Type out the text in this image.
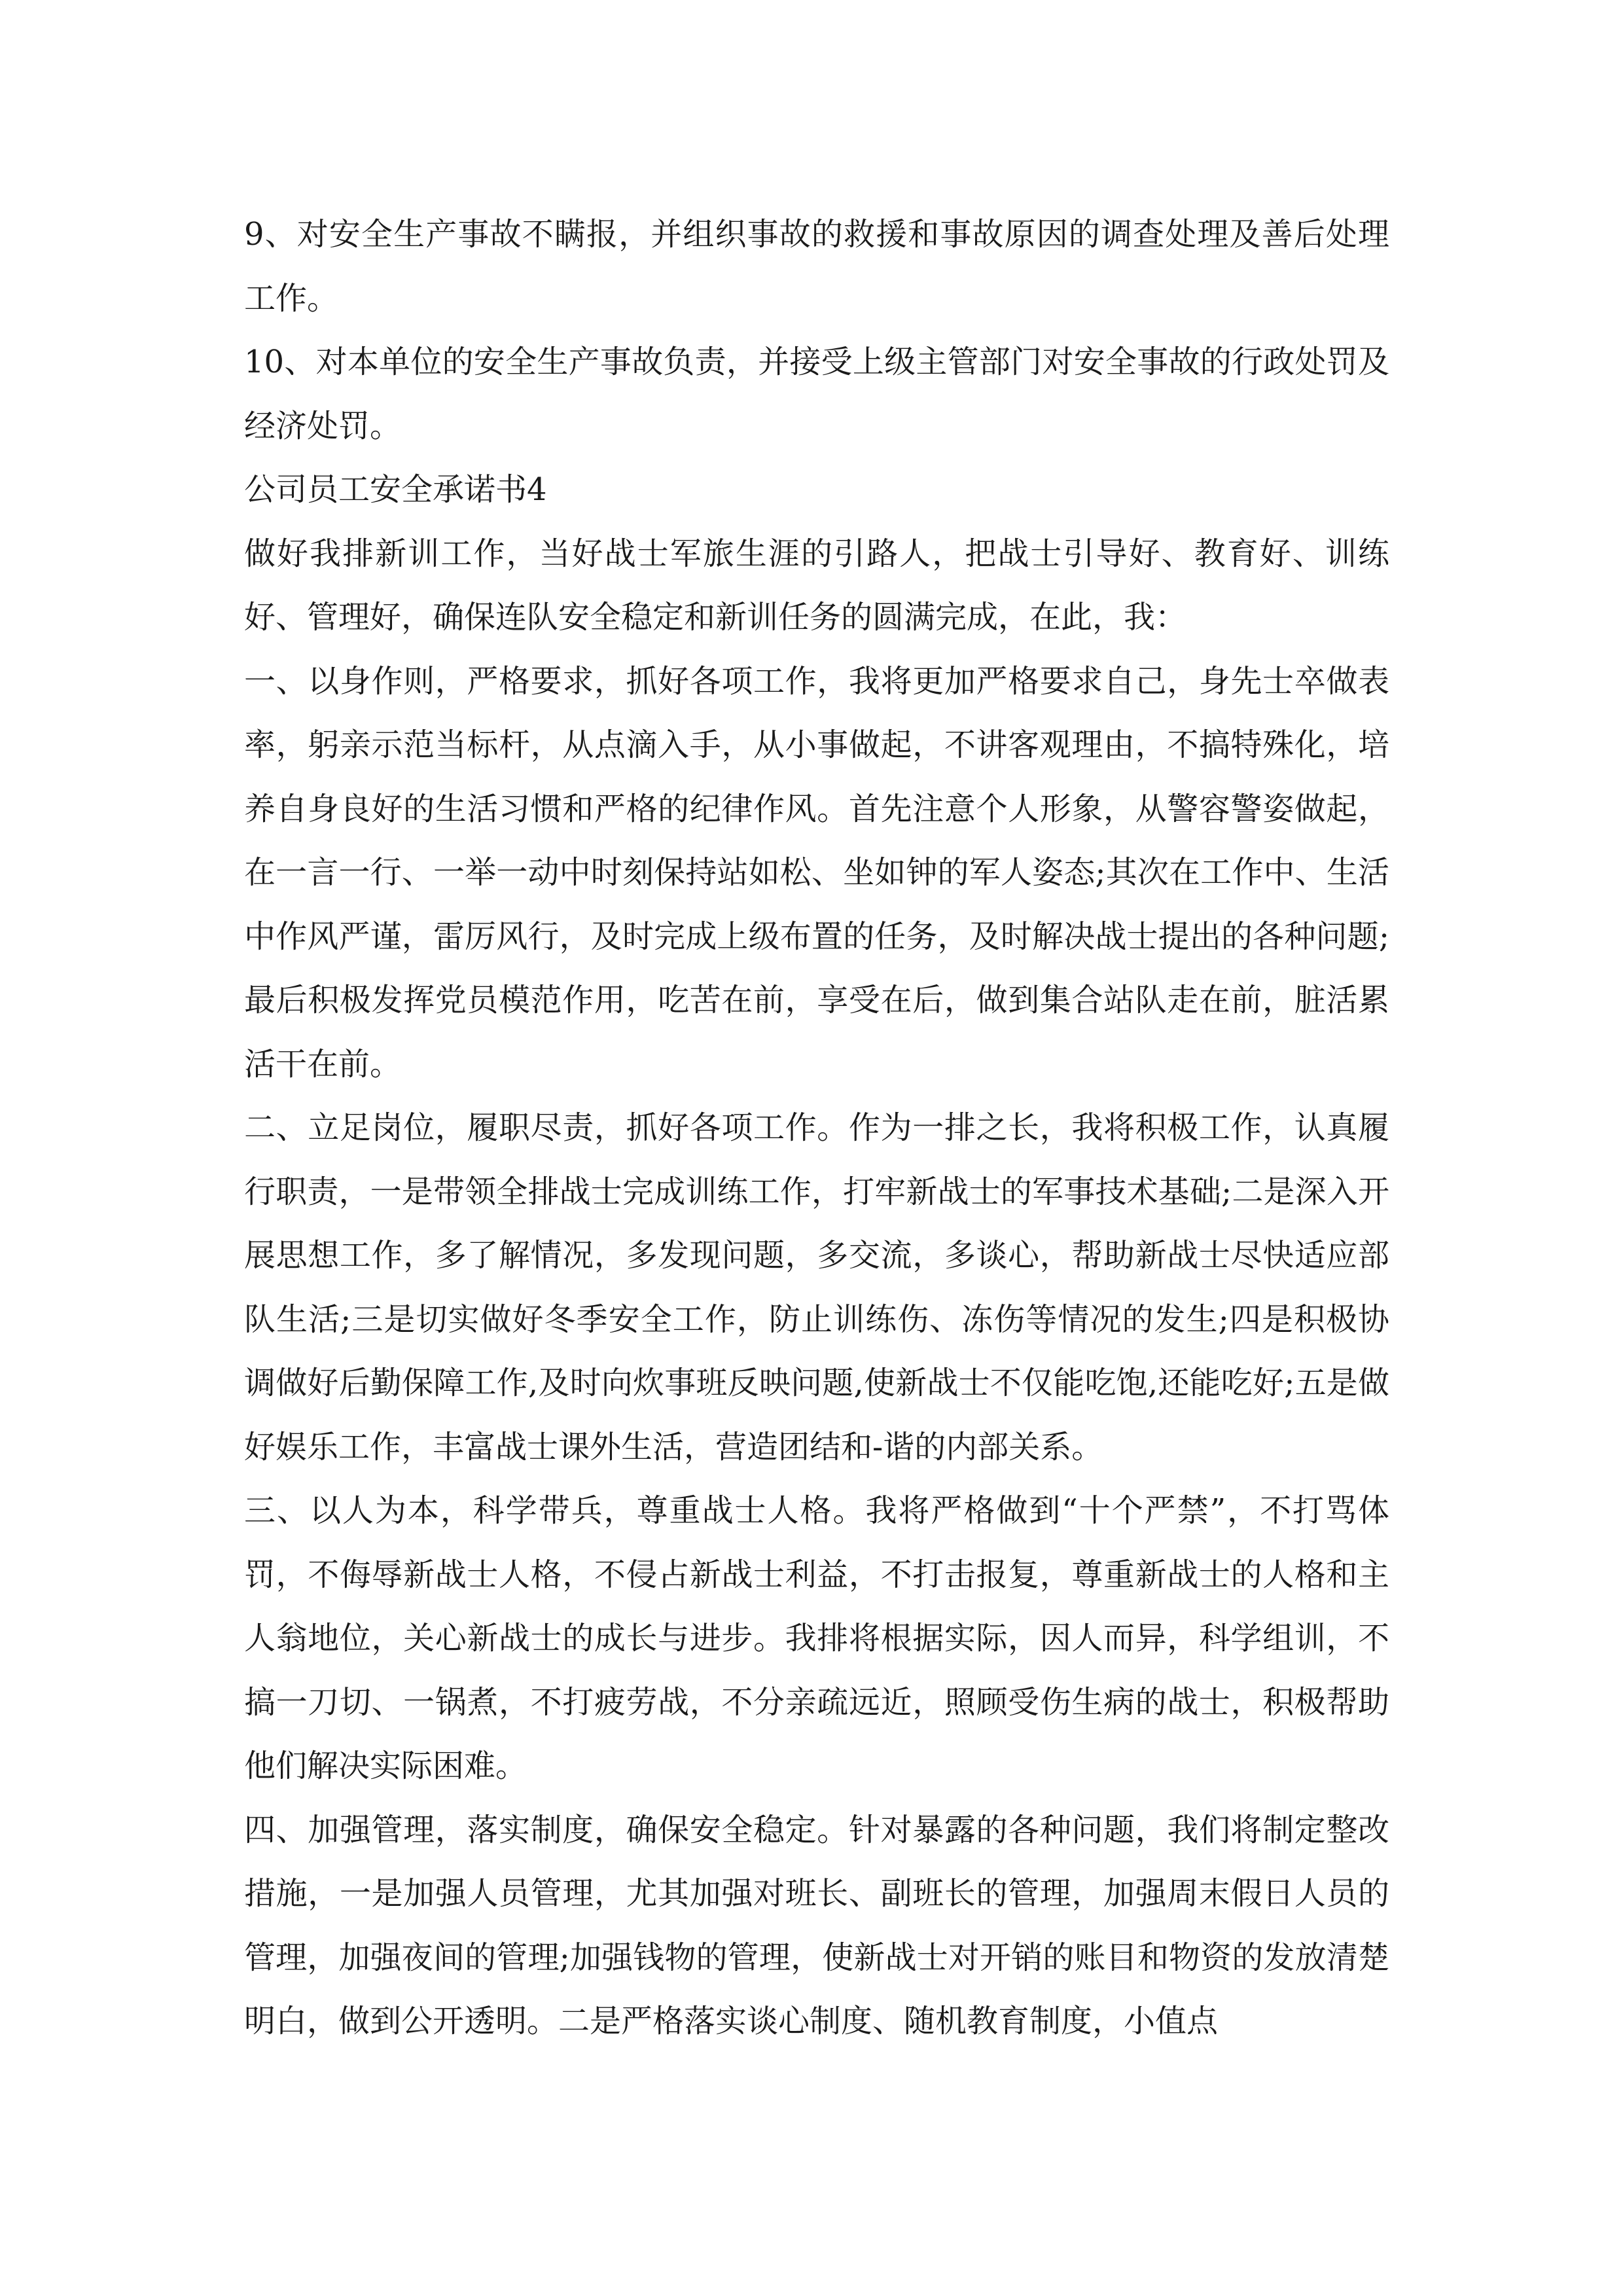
9、对安全生产事故不瞒报，并组织事故的救援和事故原因的调查处理及善后处理工作。

10、对本单位的安全生产事故负责，并接受上级主管部门对安全事故的行政处罚及经济处罚。

公司员工安全承诺书4

做好我排新训工作，当好战士军旅生涯的引路人，把战士引导好、教育好、训练好、管理好，确保连队安全稳定和新训任务的圆满完成，在此，我：

一、以身作则，严格要求，抓好各项工作，我将更加严格要求自己，身先士卒做表率，躬亲示范当标杆，从点滴入手，从小事做起，不讲客观理由，不搞特殊化，培养自身良好的生活习惯和严格的纪律作风。首先注意个人形象，从警容警姿做起，在一言一行、一举一动中时刻保持站如松、坐如钟的军人姿态;其次在工作中、生活中作风严谨，雷厉风行，及时完成上级布置的任务，及时解决战士提出的各种问题;最后积极发挥党员模范作用，吃苦在前，享受在后，做到集合站队走在前，脏活累活干在前。

二、立足岗位，履职尽责，抓好各项工作。作为一排之长，我将积极工作，认真履行职责，一是带领全排战士完成训练工作，打牢新战士的军事技术基础;二是深入开展思想工作，多了解情况，多发现问题，多交流，多谈心，帮助新战士尽快适应部队生活;三是切实做好冬季安全工作，防止训练伤、冻伤等情况的发生;四是积极协调做好后勤保障工作,及时向炊事班反映问题,使新战士不仅能吃饱,还能吃好;五是做好娱乐工作，丰富战士课外生活，营造团结和-谐的内部关系。

三、以人为本，科学带兵，尊重战士人格。我将严格做到“十个严禁”，不打骂体罚，不侮辱新战士人格，不侵占新战士利益，不打击报复，尊重新战士的人格和主人翁地位，关心新战士的成长与进步。我排将根据实际，因人而异，科学组训，不搞一刀切、一锅煮，不打疲劳战，不分亲疏远近，照顾受伤生病的战士，积极帮助他们解决实际困难。

四、加强管理，落实制度，确保安全稳定。针对暴露的各种问题，我们将制定整改措施，一是加强人员管理，尤其加强对班长、副班长的管理，加强周末假日人员的管理，加强夜间的管理;加强钱物的管理，使新战士对开销的账目和物资的发放清楚明白，做到公开透明。二是严格落实谈心制度、随机教育制度，小值点
